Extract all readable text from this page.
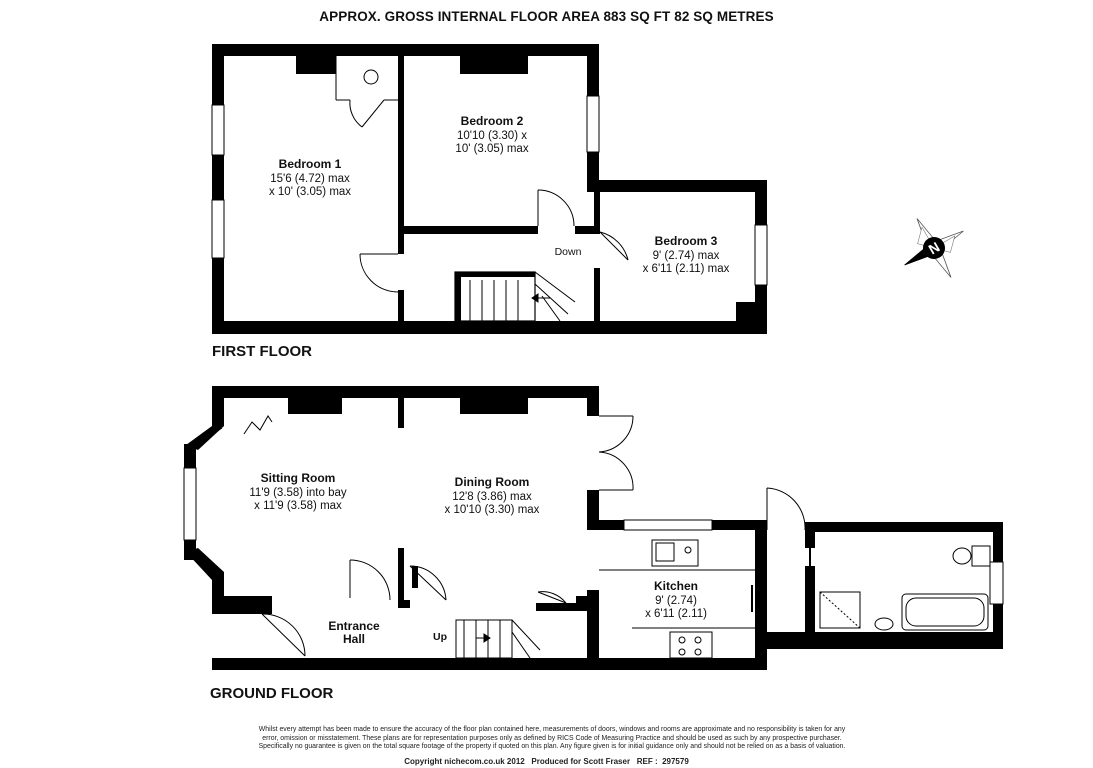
APPROX. GROSS INTERNAL FLOOR AREA 883 SQ FT 82 SQ METRES
N
Bedroom 1
15'6 (4.72) max
x 10' (3.05) max
Bedroom 2
10'10 (3.30) x
10' (3.05) max
Bedroom 3
9' (2.74) max
x 6'11 (2.11) max
Down
Sitting Room
11'9 (3.58) into bay
x 11'9 (3.58) max
Dining Room
12'8 (3.86) max
x 10'10 (3.30) max
Kitchen
9' (2.74)
x 6'11 (2.11)
Entrance
Hall	Up
FIRST FLOOR
GROUND FLOOR
Whilst every attempt has been made to ensure the accuracy of the floor plan contained here, measurements of doors, windows and rooms are approximate and no responsibility is taken for any
error, omission or misstatement. These plans are for representation purposes only as defined by RICS Code of Measuring Practice and should be used as such by any prospective purchaser.
Specifically no guarantee is given on the total square footage of the property if quoted on this plan. Any figure given is for initial guidance only and should not be relied on as a basis of valuation.
Copyright nichecom.co.uk 2012   Produced for Scott Fraser   REF :  297579
